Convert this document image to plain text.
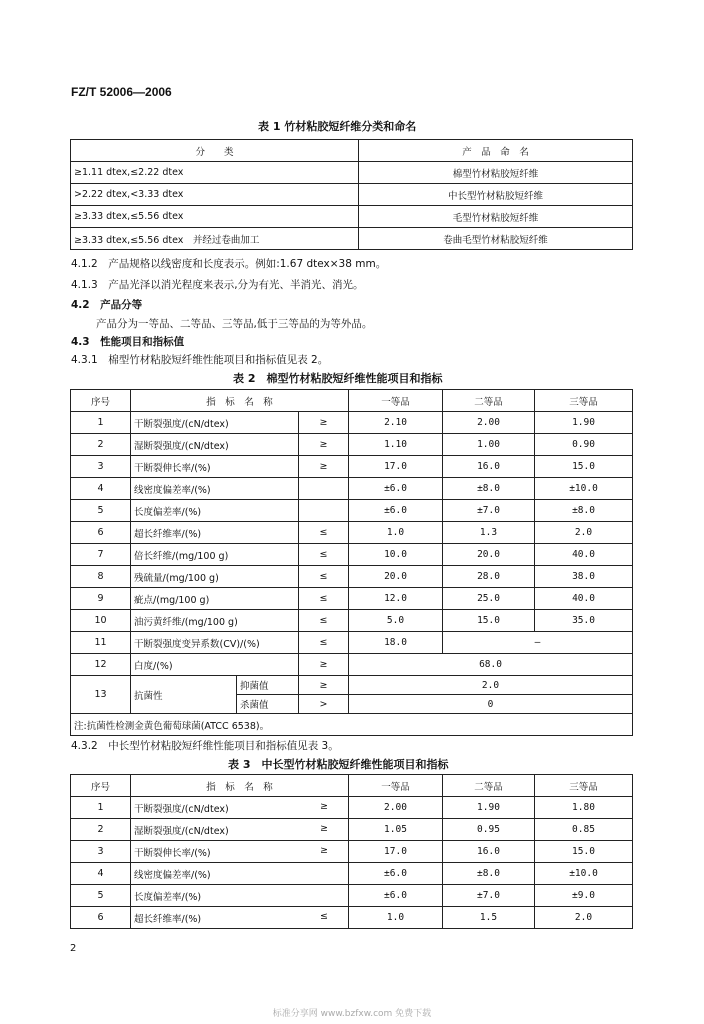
FZ/T 52006—2006
表 1 竹材粘胶短纤维分类和命名
分　　类	产　品　命　名
≥1.11 dtex,≤2.22 dtex	棉型竹材粘胶短纤维
>2.22 dtex,<3.33 dtex	中长型竹材粘胶短纤维
≥3.33 dtex,≤5.56 dtex	毛型竹材粘胶短纤维
≥3.33 dtex,≤5.56 dtex　并经过卷曲加工	卷曲毛型竹材粘胶短纤维
4.1.2　产品规格以线密度和长度表示。例如:1.67 dtex×38 mm。
4.1.3　产品光泽以消光程度来表示,分为有光、半消光、消光。
4.2　产品分等
产品分为一等品、二等品、三等品,低于三等品的为等外品。
4.3　性能项目和指标值
4.3.1　棉型竹材粘胶短纤维性能项目和指标值见表 2。
表 2　棉型竹材粘胶短纤维性能项目和指标
序号	指　标　名　称			一等品	二等品	三等品
1	干断裂强度/(cN/dtex)		≥	2.10	2.00	1.90
2	湿断裂强度/(cN/dtex)		≥	1.10	1.00	0.90
3	干断裂伸长率/(%)		≥	17.0	16.0	15.0
4	线密度偏差率/(%)			±6.0	±8.0	±10.0
5	长度偏差率/(%)			±6.0	±7.0	±8.0
6	超长纤维率/(%)		≤	1.0	1.3	2.0
7	倍长纤维/(mg/100 g)		≤	10.0	20.0	40.0
8	残硫量/(mg/100 g)		≤	20.0	28.0	38.0
9	疵点/(mg/100 g)		≤	12.0	25.0	40.0
10	油污黄纤维/(mg/100 g)		≤	5.0	15.0	35.0
11	干断裂强度变异系数(CV)/(%)		≤	18.0	—	
12	白度/(%)		≥	68.0		
13	抗菌性	抑菌值	≥	2.0		
		杀菌值	>	0		
注:抗菌性检测金黄色葡萄球菌(ATCC 6538)。						
4.3.2　中长型竹材粘胶短纤维性能项目和指标值见表 3。
表 3　中长型竹材粘胶短纤维性能项目和指标
序号	指　标　名　称	一等品	二等品	三等品
1	干断裂强度/(cN/dtex) ≥	2.00	1.90	1.80
2	湿断裂强度/(cN/dtex) ≥	1.05	0.95	0.85
3	干断裂伸长率/(%) ≥	17.0	16.0	15.0
4	线密度偏差率/(%)	±6.0	±8.0	±10.0
5	长度偏差率/(%)	±6.0	±7.0	±9.0
6	超长纤维率/(%) ≤	1.0	1.5	2.0
2
标准分享网 www.bzfxw.com 免费下载
